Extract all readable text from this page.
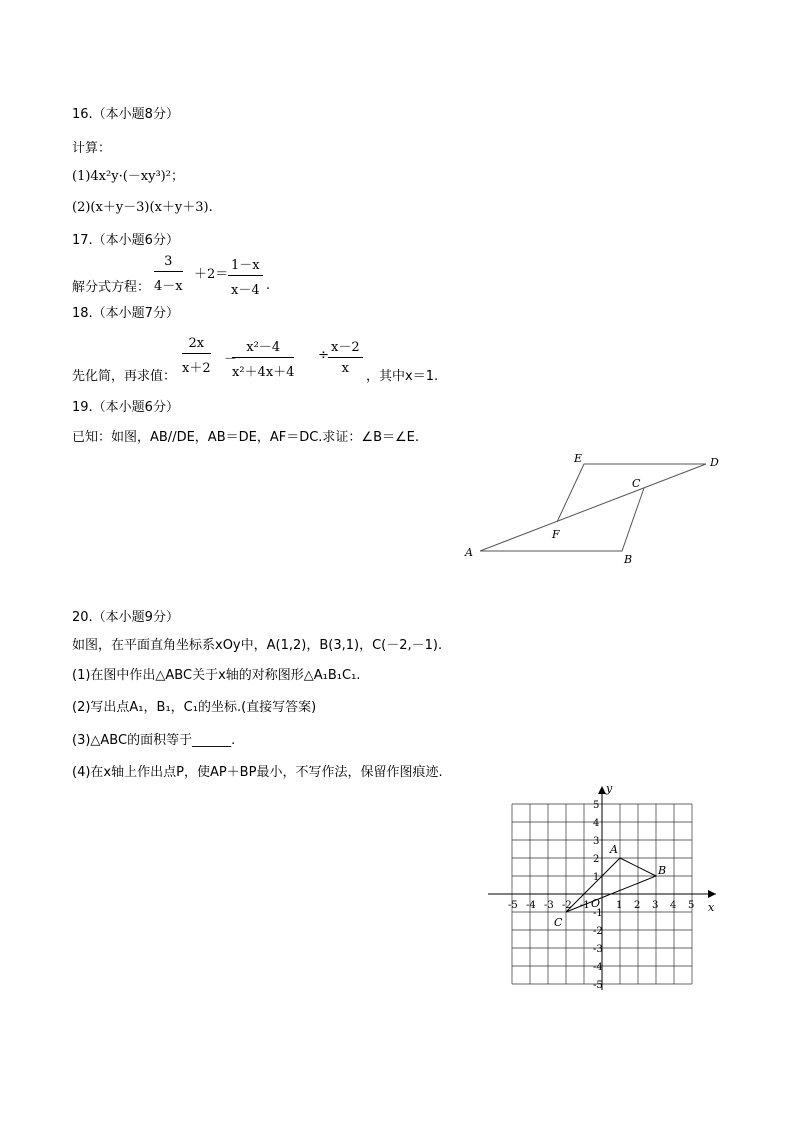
16.（本小题8分）
计算：
(1)4x²y·(－xy³)²；
(2)(x＋y－3)(x＋y＋3).
17.（本小题6分）
解分式方程： $\frac{3}{4-x} +2= \frac{1-x}{x-4}$ .
18.（本小题7分）
先化简，再求值：
$\frac{2x}{x+2}$ －
$\frac{\text{x²－4}}{\text{x²＋4x＋4}} \div \frac{x-2}{x}$
，其中x＝1.
19.（本小题6分）
已知：如图，AB//DE，AB＝DE，AF＝DC.求证：∠B＝∠E.
A
B
C
D
E
F
20.（本小题9分）
如图，在平面直角坐标系xOy中，A(1,2)，B(3,1)，C(－2,－1).
(1)在图中作出△ABC关于x轴的对称图形△A₁B₁C₁.
(2)写出点A₁，B₁，C₁的坐标.(直接写答案)
(3)△ABC的面积等于______.
(4)在x轴上作出点P，使AP＋BP最小，不写作法，保留作图痕迹.
x
y
O
A
B
C
-5 -4 -3 -2 -1	1 2 3 4 5
5
4
3
2
1
-1
-2
-3
-4
-5
